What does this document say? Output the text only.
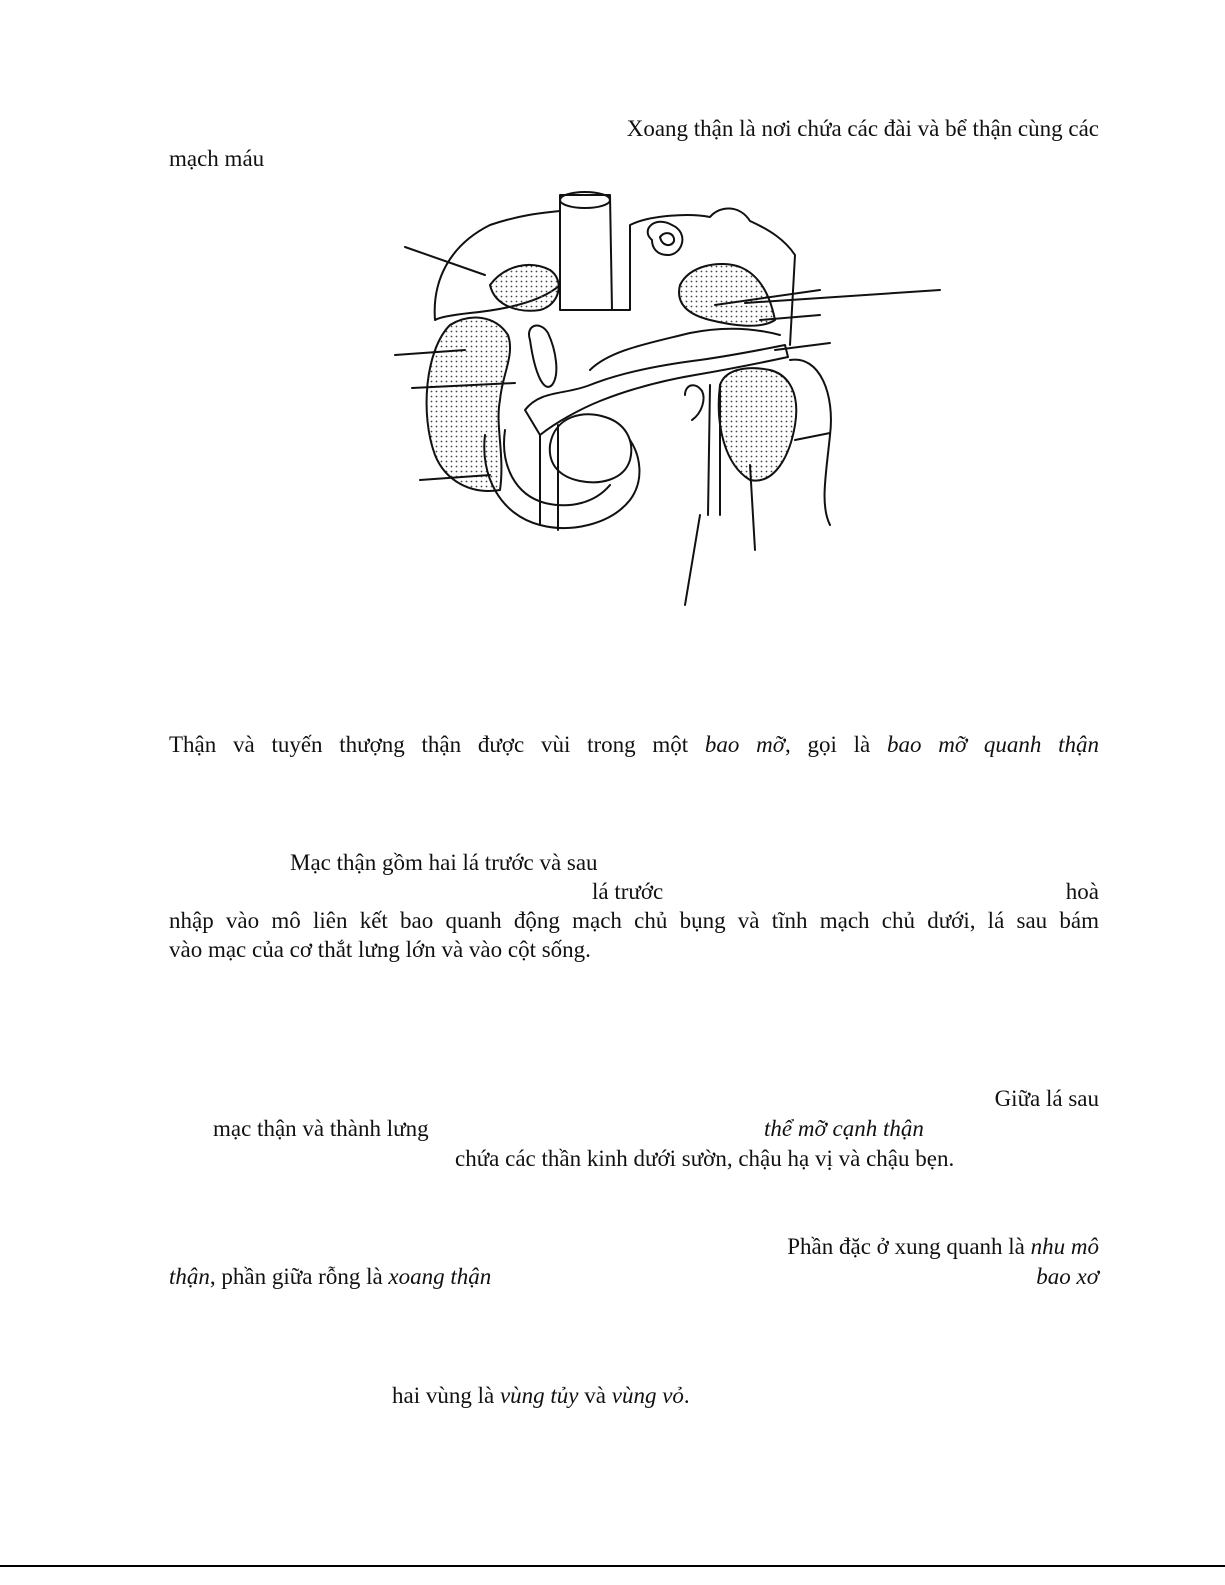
Xoang thận là nơi chứa các đài và bể thận cùng các
mạch máu
Thận và tuyến thượng thận được vùi trong một bao mỡ, gọi là bao mỡ quanh thận
Mạc thận gồm hai lá trước và sau
lá trước	hoà
nhập vào mô liên kết bao quanh động mạch chủ bụng và tĩnh mạch chủ dưới, lá sau bám
vào mạc của cơ thắt lưng lớn và vào cột sống.
Giữa lá sau
mạc thận và thành lưng	thể mỡ cạnh thận
chứa các thần kinh dưới sườn, chậu hạ vị và chậu bẹn.
Phần đặc ở xung quanh là nhu mô
thận, phần giữa rỗng là xoang thận	bao xơ
hai vùng là vùng tủy và vùng vỏ.
